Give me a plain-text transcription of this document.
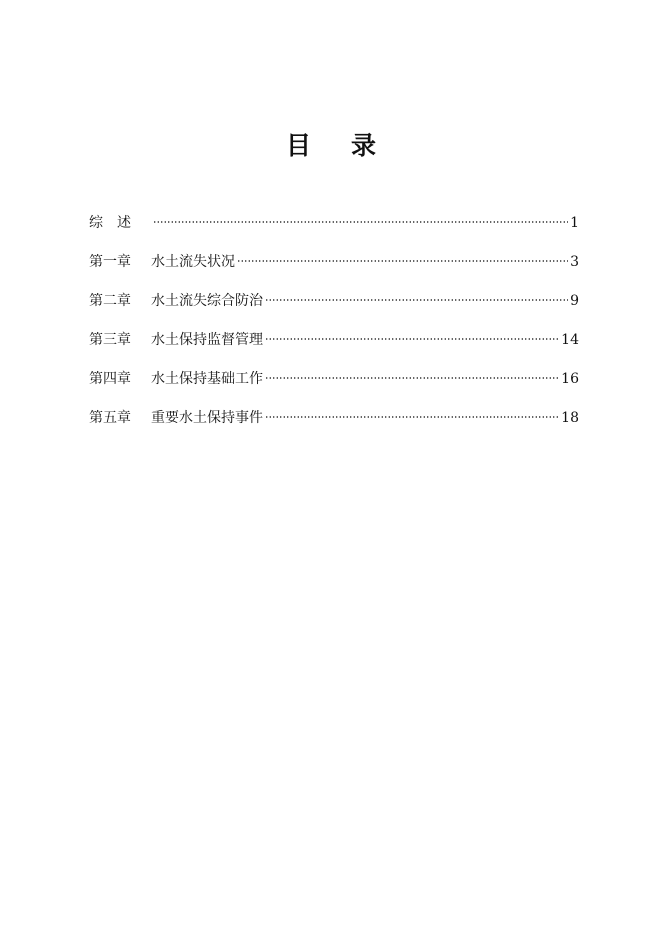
目 录
综　述	1
第一章	水土流失状况	3
第二章	水土流失综合防治	9
第三章	水土保持监督管理	14
第四章	水土保持基础工作	16
第五章	重要水土保持事件	18
